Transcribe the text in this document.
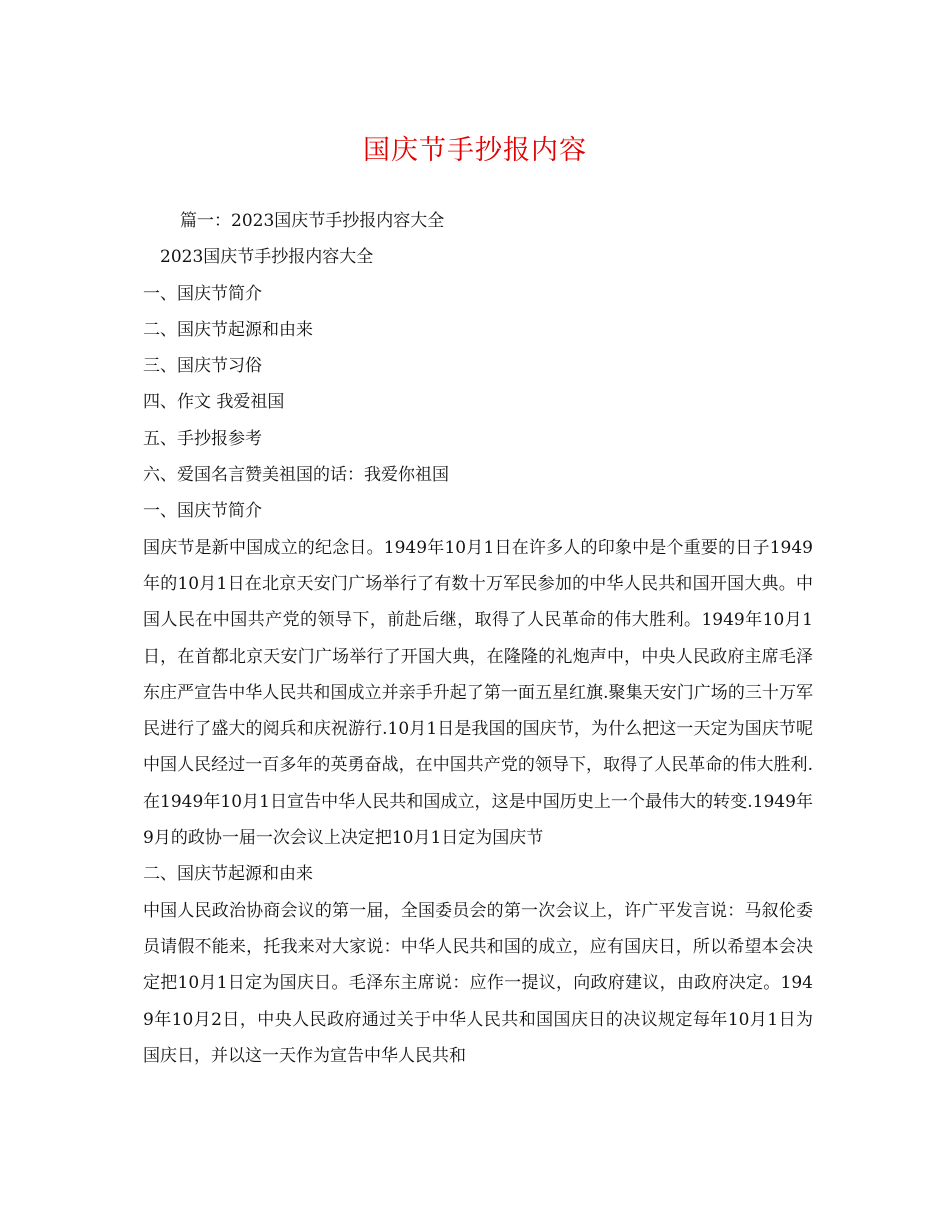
国庆节手抄报内容
篇一：2023国庆节手抄报内容大全
2023国庆节手抄报内容大全
一、国庆节简介
二、国庆节起源和由来
三、国庆节习俗
四、作文 我爱祖国
五、手抄报参考
六、爱国名言赞美祖国的话：我爱你祖国
一、国庆节简介
国庆节是新中国成立的纪念日。1949年10月1日在许多人的印象中是个重要的日子1949年的10月1日在北京天安门广场举行了有数十万军民参加的中华人民共和国开国大典。中国人民在中国共产党的领导下，前赴后继，取得了人民革命的伟大胜利。1949年10月1日，在首都北京天安门广场举行了开国大典，在隆隆的礼炮声中，中央人民政府主席毛泽东庄严宣告中华人民共和国成立并亲手升起了第一面五星红旗.聚集天安门广场的三十万军民进行了盛大的阅兵和庆祝游行.10月1日是我国的国庆节，为什么把这一天定为国庆节呢中国人民经过一百多年的英勇奋战，在中国共产党的领导下，取得了人民革命的伟大胜利.在1949年10月1日宣告中华人民共和国成立，这是中国历史上一个最伟大的转变.1949年9月的政协一届一次会议上决定把10月1日定为国庆节
二、国庆节起源和由来
中国人民政治协商会议的第一届，全国委员会的第一次会议上，许广平发言说：马叙伦委员请假不能来，托我来对大家说：中华人民共和国的成立，应有国庆日，所以希望本会决定把10月1日定为国庆日。毛泽东主席说：应作一提议，向政府建议，由政府决定。1949年10月2日，中央人民政府通过关于中华人民共和国国庆日的决议规定每年10月1日为国庆日，并以这一天作为宣告中华人民共和
